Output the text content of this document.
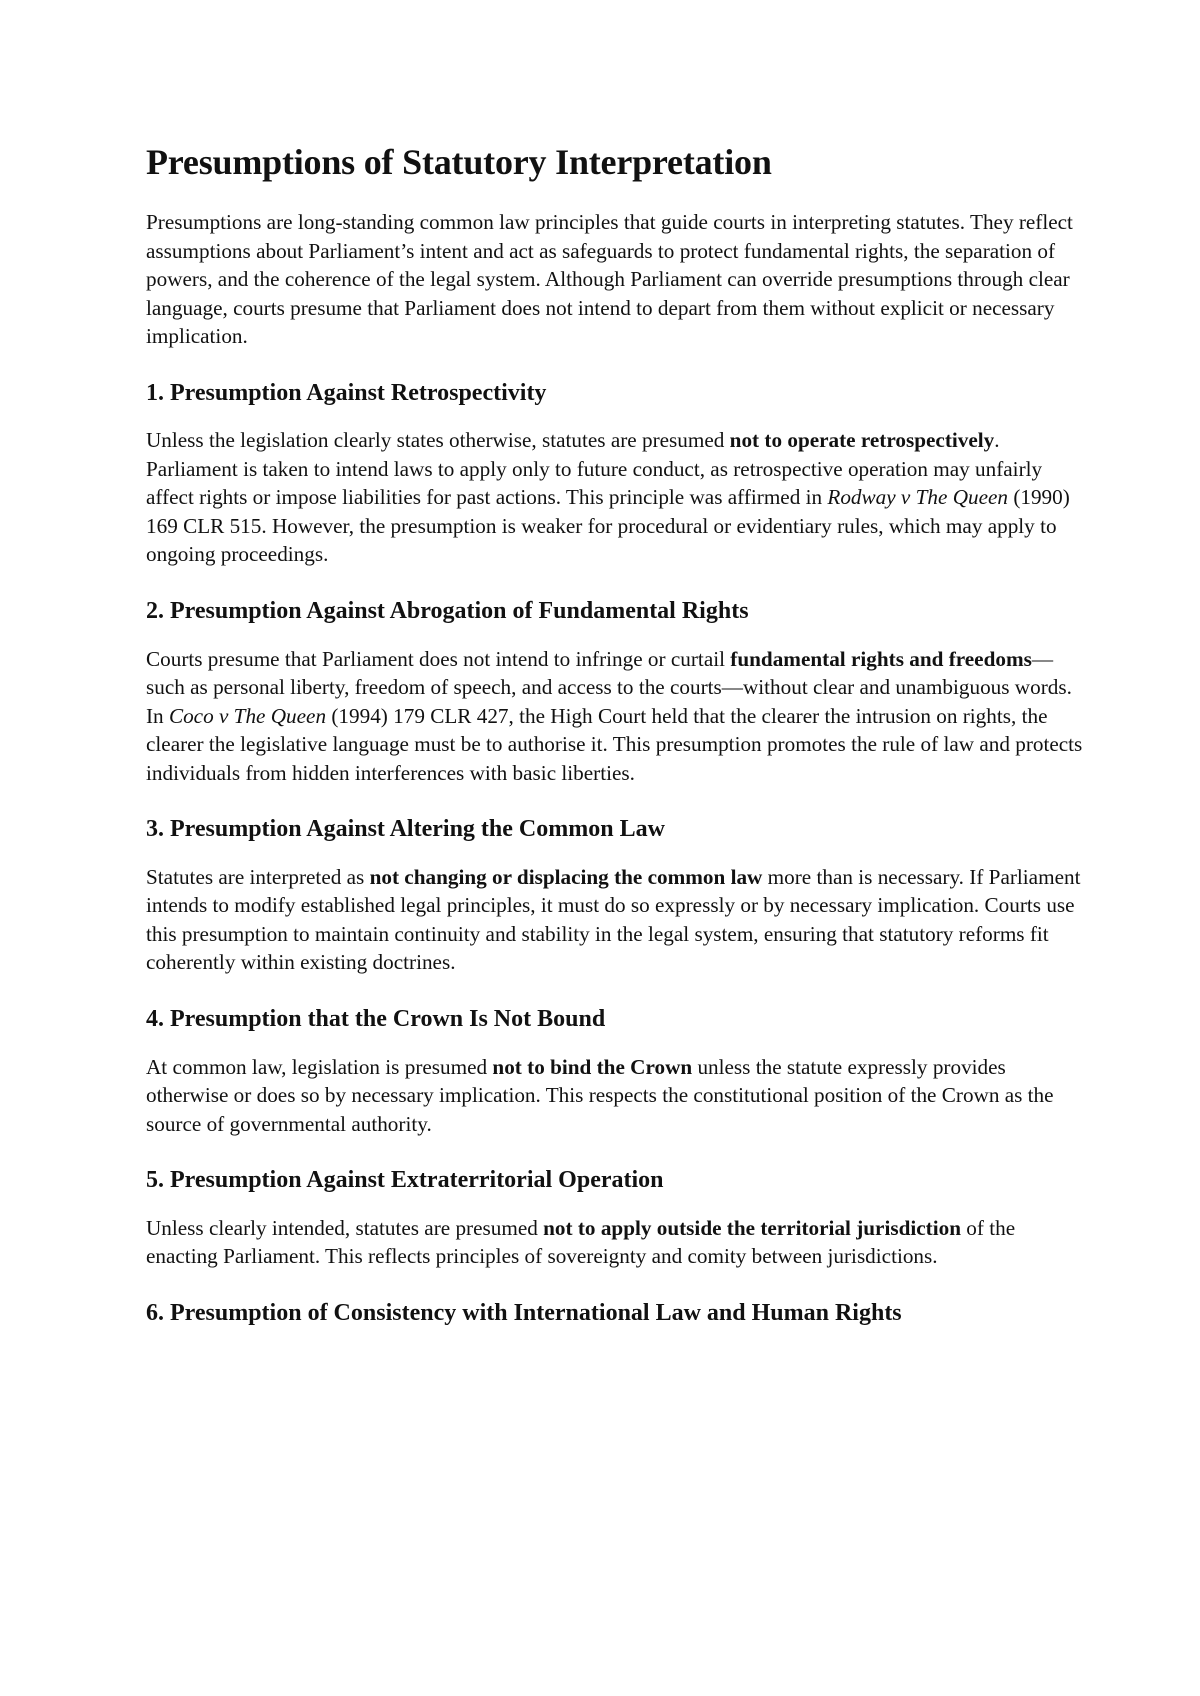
Presumptions of Statutory Interpretation

Presumptions are long-standing common law principles that guide courts in interpreting statutes. They reflect assumptions about Parliament’s intent and act as safeguards to protect fundamental rights, the separation of powers, and the coherence of the legal system. Although Parliament can override presumptions through clear language, courts presume that Parliament does not intend to depart from them without explicit or necessary implication.

1. Presumption Against Retrospectivity

Unless the legislation clearly states otherwise, statutes are presumed not to operate retrospectively. Parliament is taken to intend laws to apply only to future conduct, as retrospective operation may unfairly affect rights or impose liabilities for past actions. This principle was affirmed in Rodway v The Queen (1990) 169 CLR 515. However, the presumption is weaker for procedural or evidentiary rules, which may apply to ongoing proceedings.

2. Presumption Against Abrogation of Fundamental Rights

Courts presume that Parliament does not intend to infringe or curtail fundamental rights and freedoms—such as personal liberty, freedom of speech, and access to the courts—without clear and unambiguous words. In Coco v The Queen (1994) 179 CLR 427, the High Court held that the clearer the intrusion on rights, the clearer the legislative language must be to authorise it. This presumption promotes the rule of law and protects individuals from hidden interferences with basic liberties.

3. Presumption Against Altering the Common Law

Statutes are interpreted as not changing or displacing the common law more than is necessary. If Parliament intends to modify established legal principles, it must do so expressly or by necessary implication. Courts use this presumption to maintain continuity and stability in the legal system, ensuring that statutory reforms fit coherently within existing doctrines.

4. Presumption that the Crown Is Not Bound

At common law, legislation is presumed not to bind the Crown unless the statute expressly provides otherwise or does so by necessary implication. This respects the constitutional position of the Crown as the source of governmental authority.

5. Presumption Against Extraterritorial Operation

Unless clearly intended, statutes are presumed not to apply outside the territorial jurisdiction of the enacting Parliament. This reflects principles of sovereignty and comity between jurisdictions.

6. Presumption of Consistency with International Law and Human Rights
